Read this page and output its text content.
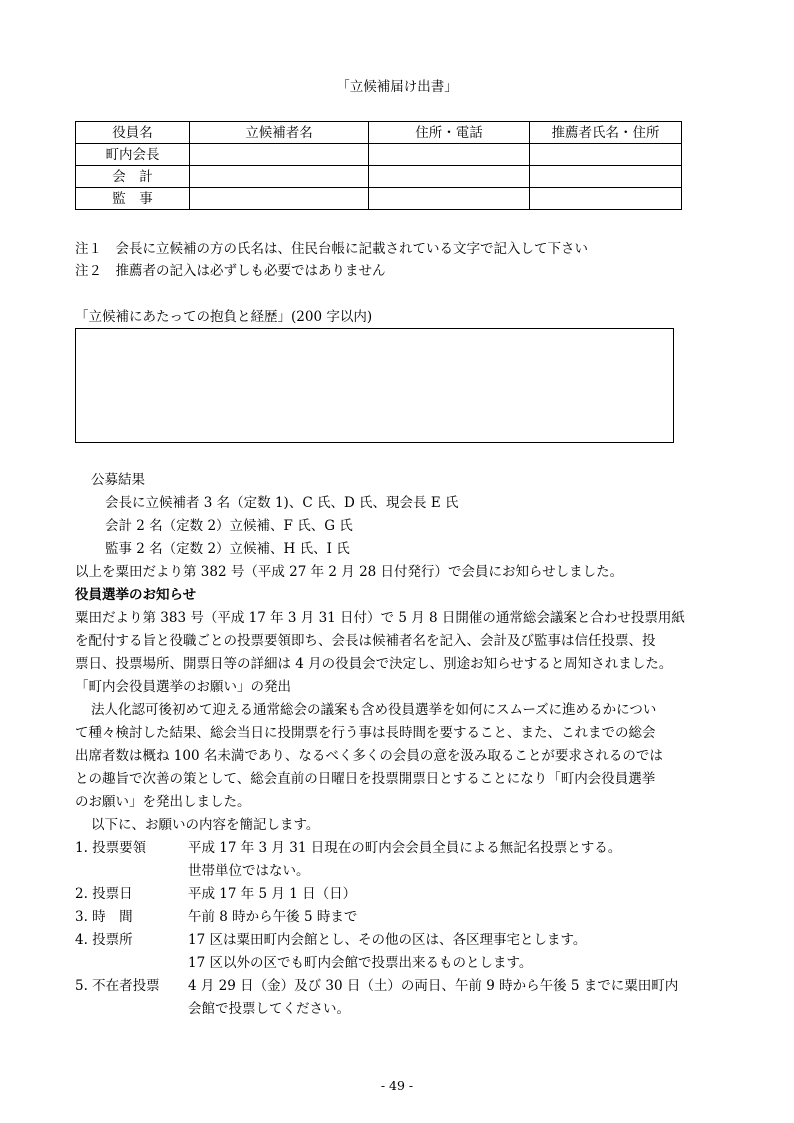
「立候補届け出書」
役員名	立候補者名	住所・電話	推薦者氏名・住所
町内会長			
会　計			
監　事			
注１　会長に立候補の方の氏名は、住民台帳に記載されている文字で記入して下さい
注２　推薦者の記入は必ずしも必要ではありません
「立候補にあたっての抱負と経歴」(200 字以内)
公募結果
会長に立候補者 3 名（定数 1)、C 氏、D 氏、現会長 E 氏
会計 2 名（定数 2）立候補、F 氏、G 氏
監事 2 名（定数 2）立候補、H 氏、I 氏
以上を粟田だより第 382 号（平成 27 年 2 月 28 日付発行）で会員にお知らせしました。
役員選挙のお知らせ
粟田だより第 383 号（平成 17 年 3 月 31 日付）で 5 月 8 日開催の通常総会議案と合わせ投票用紙
を配付する旨と役職ごとの投票要領即ち、会長は候補者名を記入、会計及び監事は信任投票、投
票日、投票場所、開票日等の詳細は 4 月の役員会で決定し、別途お知らせすると周知されました。
「町内会役員選挙のお願い」の発出
法人化認可後初めて迎える通常総会の議案も含め役員選挙を如何にスムーズに進めるかについ
て種々検討した結果、総会当日に投開票を行う事は長時間を要すること、また、これまでの総会
出席者数は概ね 100 名未満であり、なるべく多くの会員の意を汲み取ることが要求されるのでは
との趣旨で次善の策として、総会直前の日曜日を投票開票日とすることになり「町内会役員選挙
のお願い」を発出しました。
以下に、お願いの内容を簡記します。
1. 投票要領	平成 17 年 3 月 31 日現在の町内会会員全員による無記名投票とする。
世帯単位ではない。
2. 投票日	平成 17 年 5 月 1 日（日）
3. 時　間	午前 8 時から午後 5 時まで
4. 投票所	17 区は粟田町内会館とし、その他の区は、各区理事宅とします。
17 区以外の区でも町内会館で投票出来るものとします。
5. 不在者投票 4 月 29 日（金）及び 30 日（土）の両日、午前 9 時から午後 5 までに粟田町内
会館で投票してください。
- 49 -
